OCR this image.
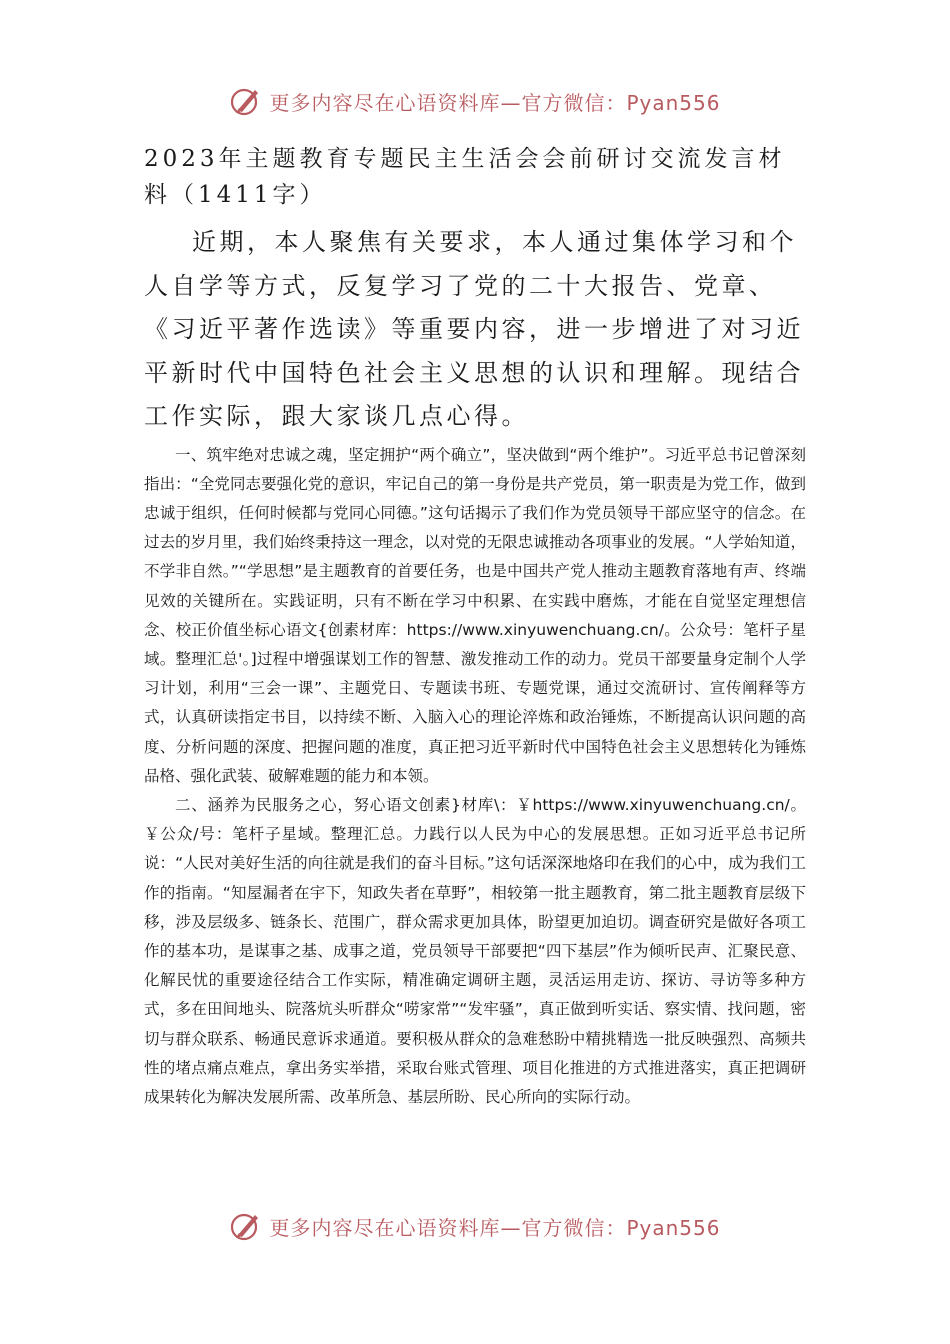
更多内容尽在心语资料库—官方微信：Pyan556
2023年主题教育专题民主生活会会前研讨交流发言材料（1411字）

近期，本人聚焦有关要求，本人通过集体学习和个人自学等方式，反复学习了党的二十大报告、党章、《习近平著作选读》等重要内容，进一步增进了对习近平新时代中国特色社会主义思想的认识和理解。现结合工作实际，跟大家谈几点心得。

一、筑牢绝对忠诚之魂，坚定拥护“两个确立”，坚决做到“两个维护”。习近平总书记曾深刻指出：“全党同志要强化党的意识，牢记自己的第一身份是共产党员，第一职责是为党工作，做到忠诚于组织，任何时候都与党同心同德。”这句话揭示了我们作为党员领导干部应坚守的信念。在过去的岁月里，我们始终秉持这一理念，以对党的无限忠诚推动各项事业的发展。“人学始知道，不学非自然。”“学思想”是主题教育的首要任务，也是中国共产党人推动主题教育落地有声、终端见效的关键所在。实践证明，只有不断在学习中积累、在实践中磨炼，才能在自觉坚定理想信念、校正价值坐标心语文{创素材库：https://www.xinyuwenchuang.cn/。公众号：笔杆子星域。整理汇总'。]过程中增强谋划工作的智慧、激发推动工作的动力。党员干部要量身定制个人学习计划，利用“三会一课”、主题党日、专题读书班、专题党课，通过交流研讨、宣传阐释等方式，认真研读指定书目，以持续不断、入脑入心的理论淬炼和政治锤炼，不断提高认识问题的高度、分析问题的深度、把握问题的准度，真正把习近平新时代中国特色社会主义思想转化为锤炼品格、强化武装、破解难题的能力和本领。

二、涵养为民服务之心，努心语文创素}材库\：￥https://www.xinyuwenchuang.cn/。￥公众/号：笔杆子星域。整理汇总。力践行以人民为中心的发展思想。正如习近平总书记所说：“人民对美好生活的向往就是我们的奋斗目标。”这句话深深地烙印在我们的心中，成为我们工作的指南。“知屋漏者在宇下，知政失者在草野”，相较第一批主题教育，第二批主题教育层级下移，涉及层级多、链条长、范围广，群众需求更加具体，盼望更加迫切。调查研究是做好各项工作的基本功，是谋事之基、成事之道，党员领导干部要把“四下基层”作为倾听民声、汇聚民意、化解民忧的重要途径结合工作实际，精准确定调研主题，灵活运用走访、探访、寻访等多种方式，多在田间地头、院落炕头听群众“唠家常”“发牢骚”，真正做到听实话、察实情、找问题，密切与群众联系、畅通民意诉求通道。要积极从群众的急难愁盼中精挑精选一批反映强烈、高频共性的堵点痛点难点，拿出务实举措，采取台账式管理、项目化推进的方式推进落实，真正把调研成果转化为解决发展所需、改革所急、基层所盼、民心所向的实际行动。

更多内容尽在心语资料库—官方微信：Pyan556
